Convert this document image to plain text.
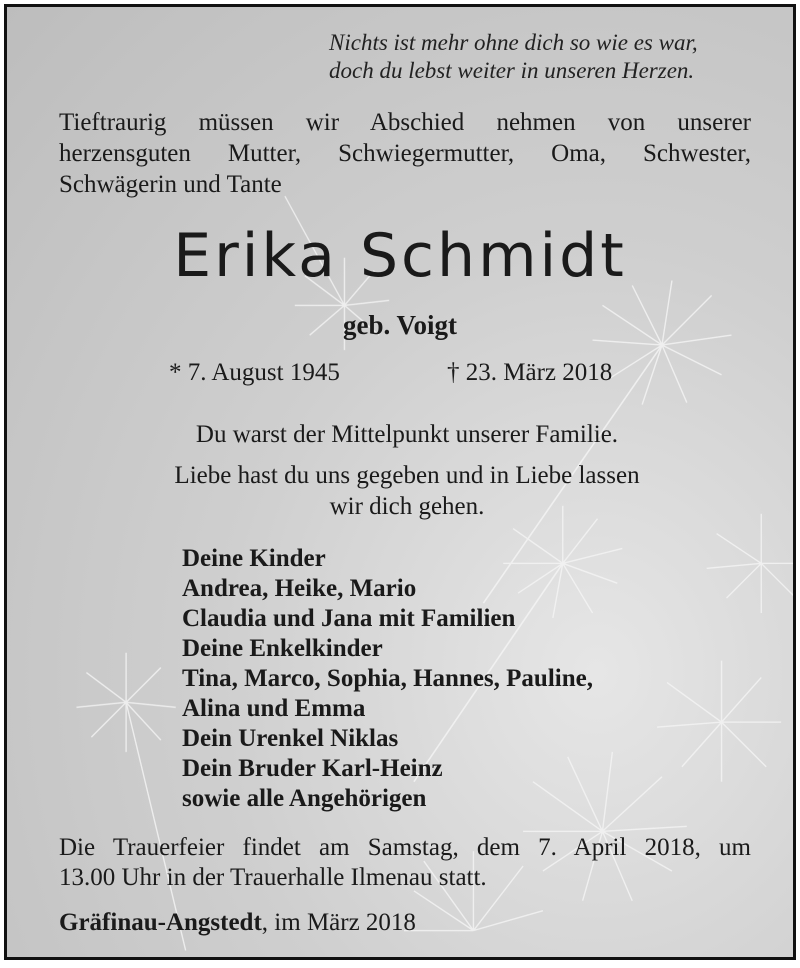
Nichts ist mehr ohne dich so wie es war,
doch du lebst weiter in unseren Herzen.
Tieftraurig müssen wir Abschied nehmen von unserer
herzensguten Mutter, Schwiegermutter, Oma, Schwester,
Schwägerin und Tante
Erika Schmidt
geb. Voigt
* 7. August 1945	† 23. März 2018
Du warst der Mittelpunkt unserer Familie.
Liebe hast du uns gegeben und in Liebe lassen
wir dich gehen.
Deine Kinder
Andrea, Heike, Mario
Claudia und Jana mit Familien
Deine Enkelkinder
Tina, Marco, Sophia, Hannes, Pauline,
Alina und Emma
Dein Urenkel Niklas
Dein Bruder Karl-Heinz
sowie alle Angehörigen
Die Trauerfeier findet am Samstag, dem 7. April 2018, um
13.00 Uhr in der Trauerhalle Ilmenau statt.
Gräfinau-Angstedt, im März 2018
